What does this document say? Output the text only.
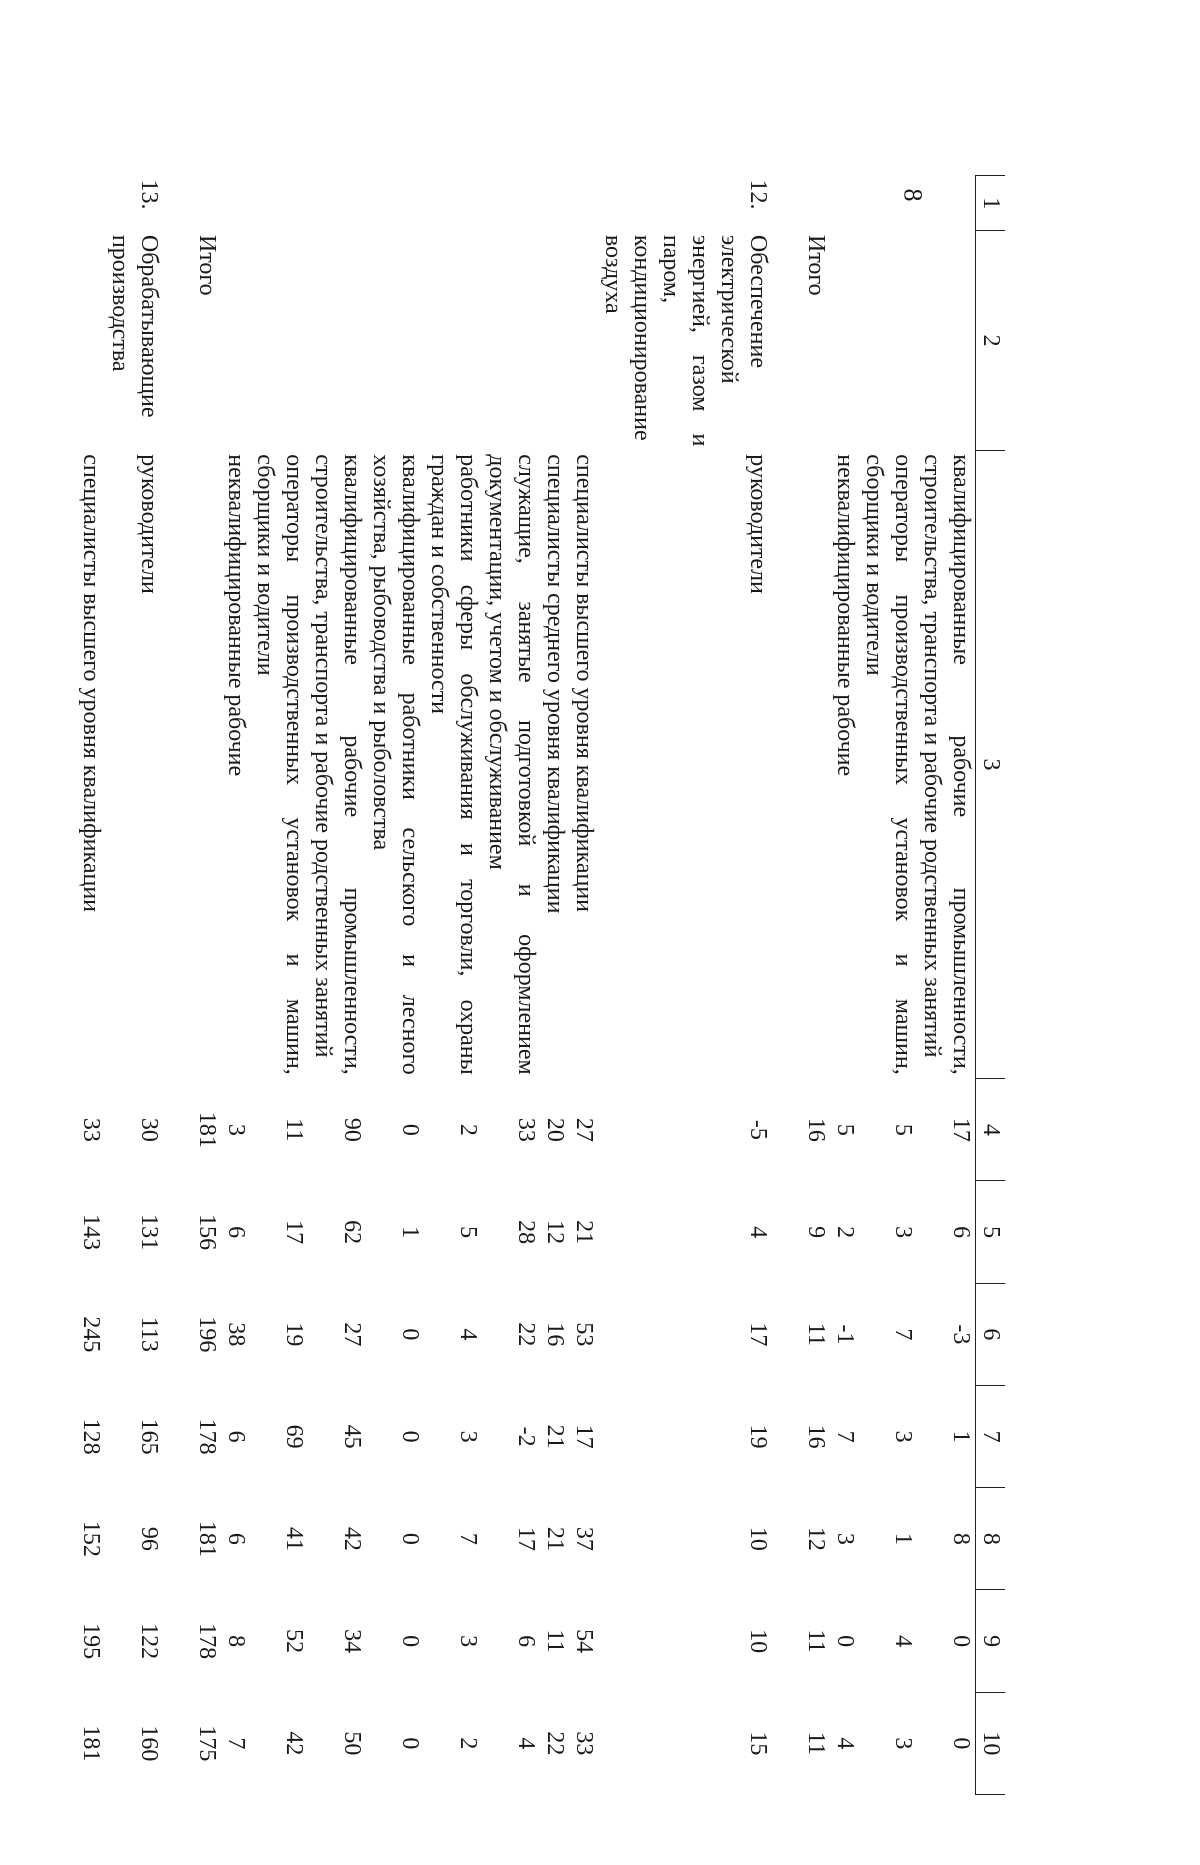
8
1	2	3	4	5	6	7	8	9	10
		квалифицированные рабочие промышленности, строительства, транспорта и рабочие родственных занятий	17	6	-3	1	8	0	0
		операторы производственных установок и машин, сборщики и водители	5	3	7	3	1	4	3
		неквалифицированные рабочие	5	2	-1	7	3	0	4
	Итого		16	9	11	16	12	11	11

12.	Обеспечение электрической энергией, газом и паром, кондиционирование воздуха	руководители	-5	4	17	19	10	10	15
		специалисты высшего уровня квалификации	27	21	53	17	37	54	33
		специалисты среднего уровня квалификации	20	12	16	21	21	11	22
		служащие, занятые подготовкой и оформлением документации, учетом и обслуживанием	33	28	22	-2	17	6	4
		работники сферы обслуживания и торговли, охраны граждан и собственности	2	5	4	3	7	3	2
		квалифицированные работники сельского и лесного хозяйства, рыбоводства и рыболовства	0	1	0	0	0	0	0
		квалифицированные рабочие промышленности, строительства, транспорта и рабочие родственных занятий	90	62	27	45	42	34	50
		операторы производственных установок и машин, сборщики и водители	11	17	19	69	41	52	42
		неквалифицированные рабочие	3	6	38	6	6	8	7
	Итого		181	156	196	178	181	178	175

13.	Обрабатывающие производства	руководители	30	131	113	165	96	122	160
		специалисты высшего уровня квалификации	33	143	245	128	152	195	181
